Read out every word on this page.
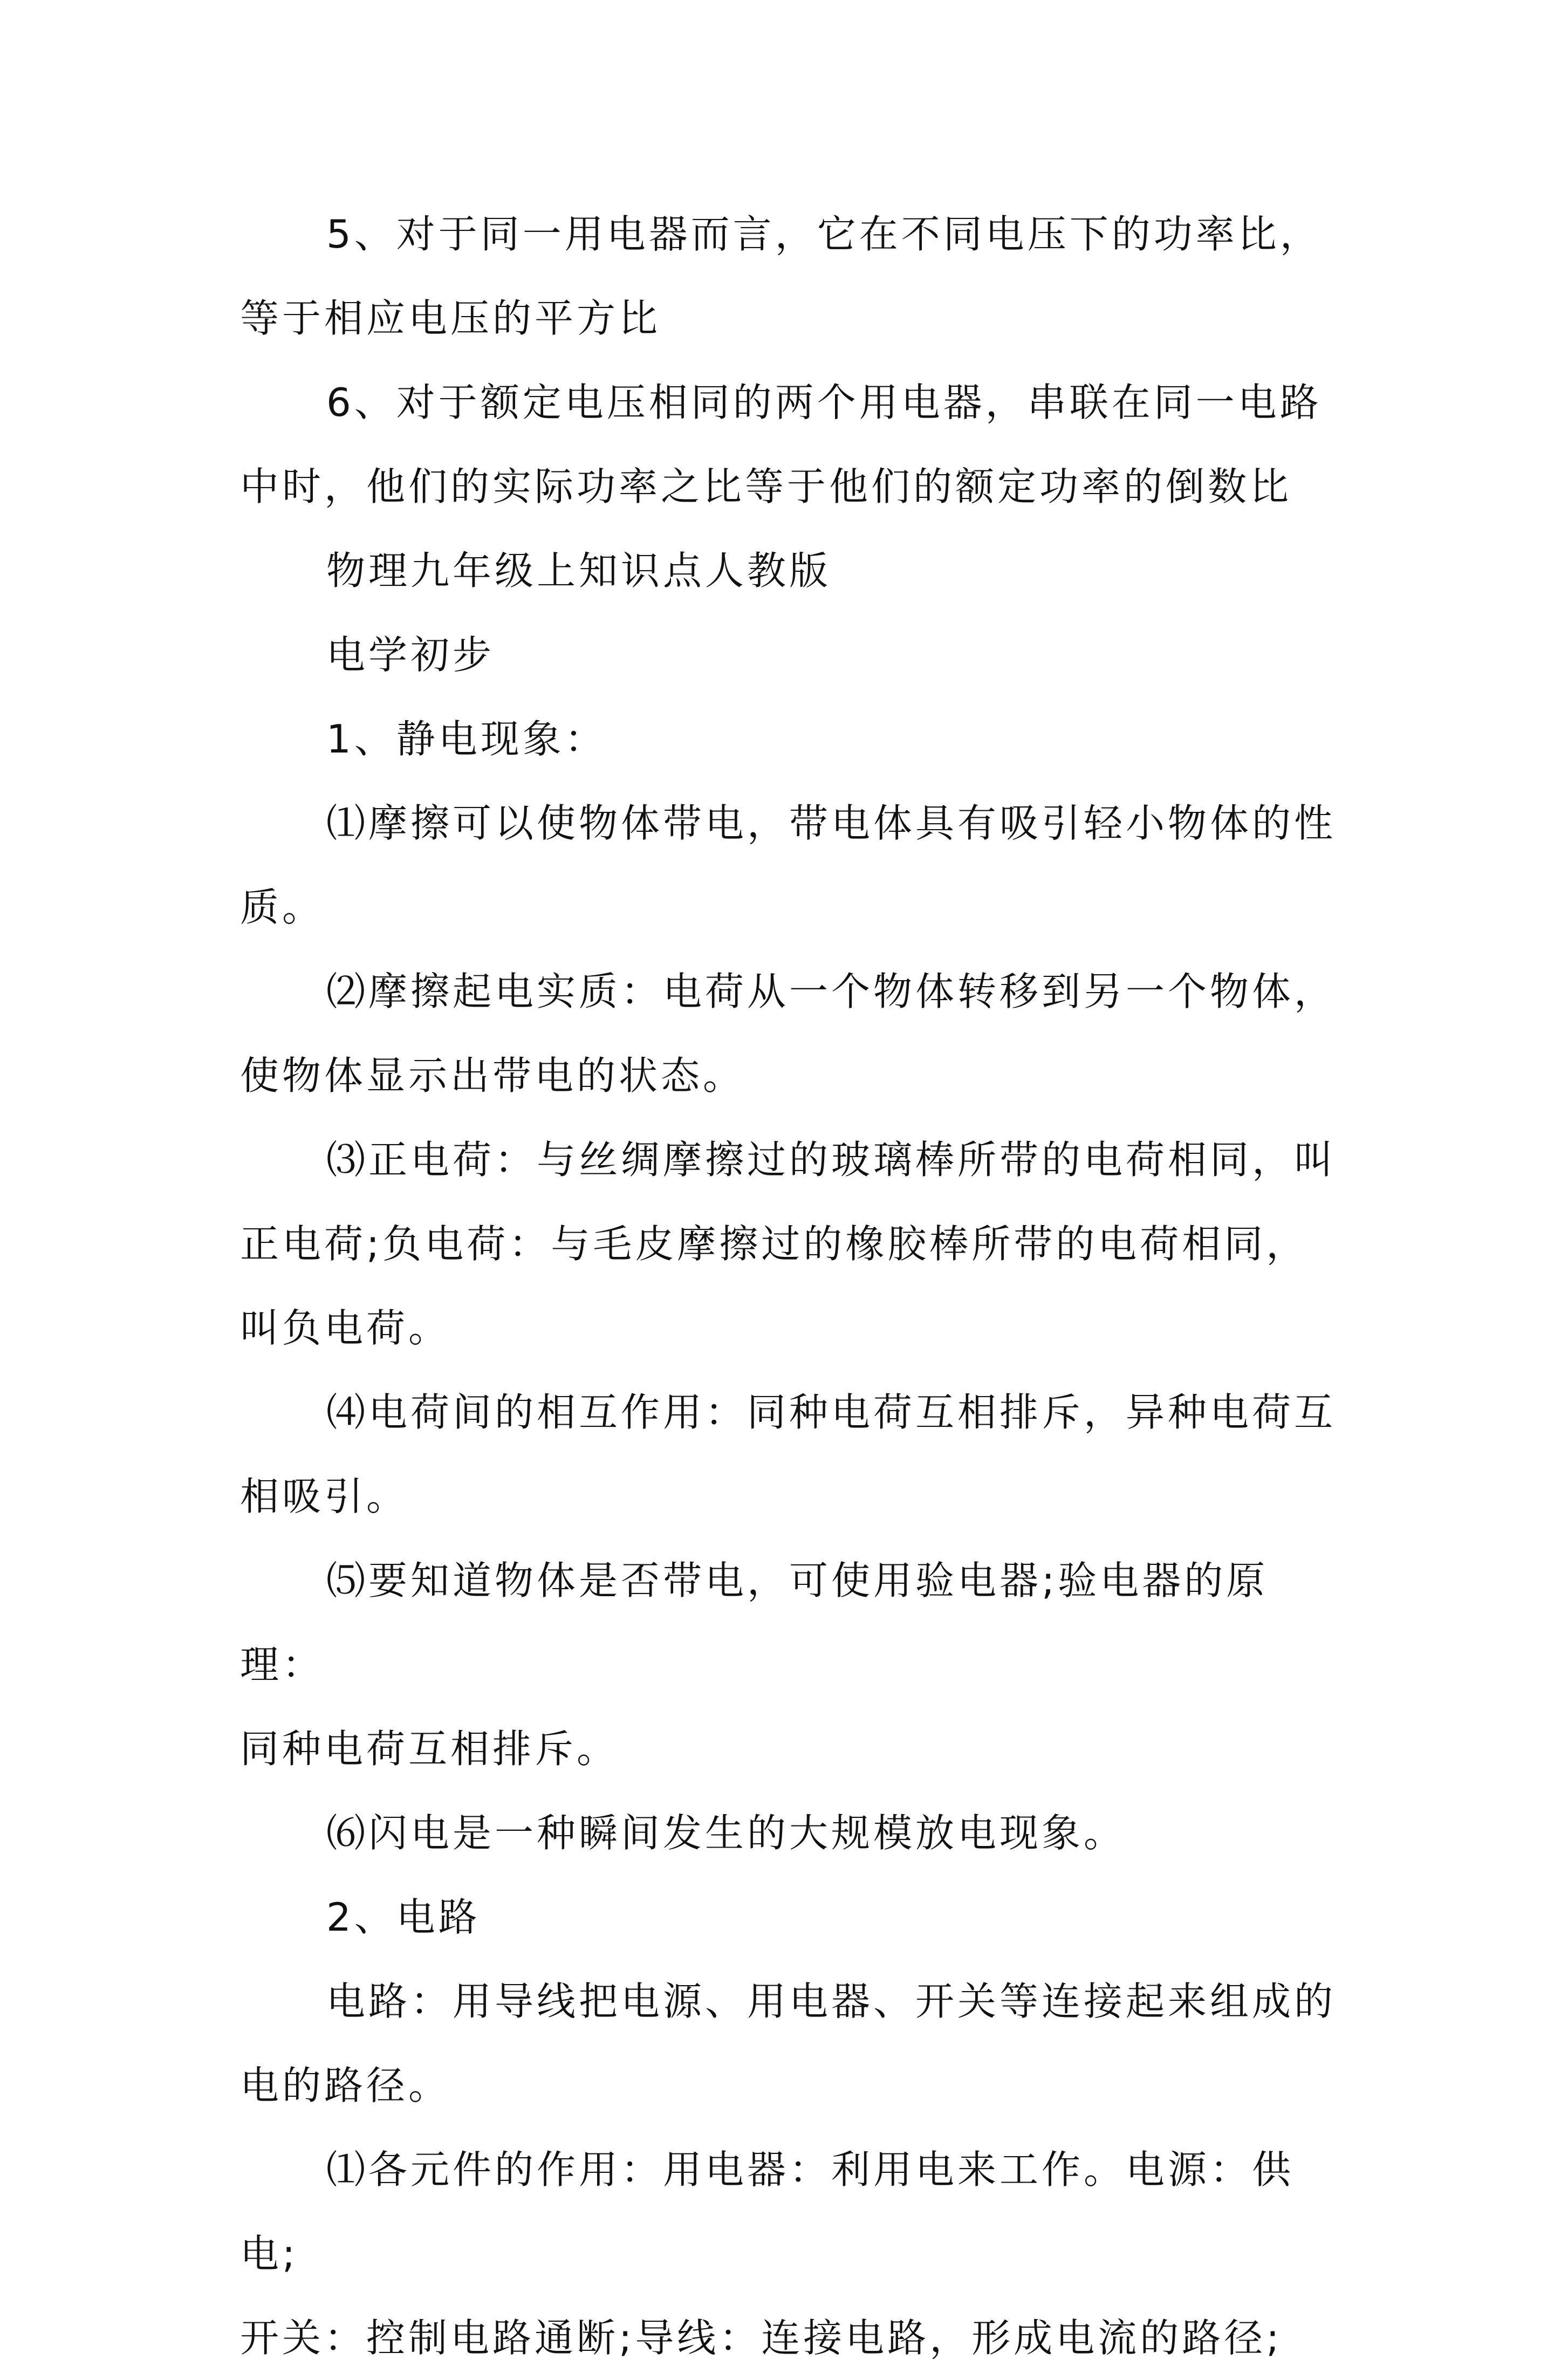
5、对于同一用电器而言，它在不同电压下的功率比，
等于相应电压的平方比

6、对于额定电压相同的两个用电器，串联在同一电路
中时，他们的实际功率之比等于他们的额定功率的倒数比

物理九年级上知识点人教版

电学初步

1、静电现象：

⑴摩擦可以使物体带电，带电体具有吸引轻小物体的性
质。

⑵摩擦起电实质：电荷从一个物体转移到另一个物体，
使物体显示出带电的状态。

⑶正电荷：与丝绸摩擦过的玻璃棒所带的电荷相同，叫
正电荷;负电荷：与毛皮摩擦过的橡胶棒所带的电荷相同，
叫负电荷。

⑷电荷间的相互作用：同种电荷互相排斥，异种电荷互
相吸引。

⑸要知道物体是否带电，可使用验电器;验电器的原理：
同种电荷互相排斥。

⑹闪电是一种瞬间发生的大规模放电现象。

2、电路

电路：用导线把电源、用电器、开关等连接起来组成的
电的路径。

⑴各元件的作用：用电器：利用电来工作。电源：供电;
开关：控制电路通断;导线：连接电路，形成电流的路径;
